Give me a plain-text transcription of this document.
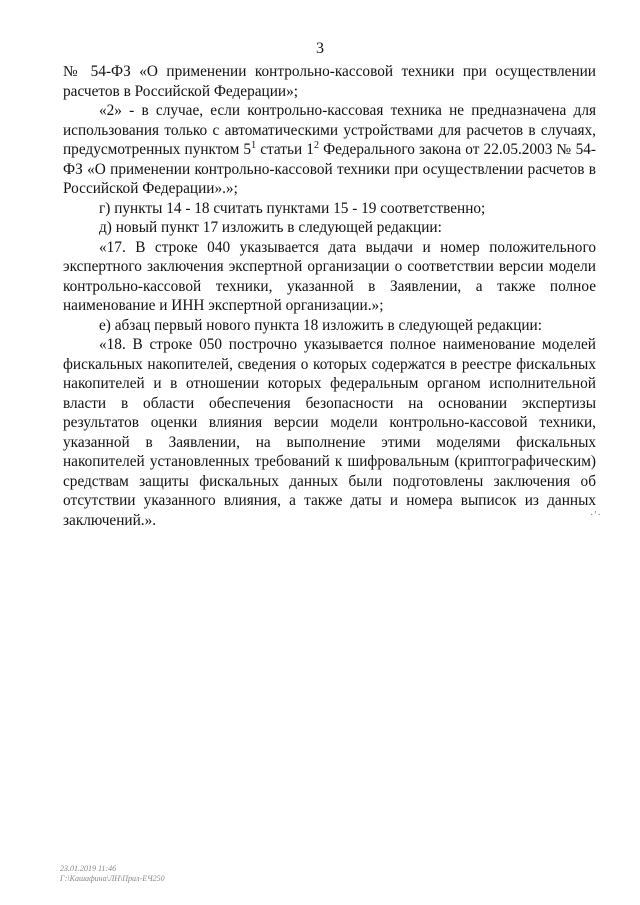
3

№ 54-ФЗ «О применении контрольно-кассовой техники при осуществлении расчетов в Российской Федерации»;

«2» - в случае, если контрольно-кассовая техника не предназначена для использования только с автоматическими устройствами для расчетов в случаях, предусмотренных пунктом $5^1$ статьи $1^2$ Федерального закона от 22.05.2003 № 54-ФЗ «О применении контрольно-кассовой техники при осуществлении расчетов в Российской Федерации».»;

г) пункты 14 - 18 считать пунктами 15 - 19 соответственно;

д) новый пункт 17 изложить в следующей редакции:

«17. В строке 040 указывается дата выдачи и номер положительного экспертного заключения экспертной организации о соответствии версии модели контрольно-кассовой техники, указанной в Заявлении, а также полное наименование и ИНН экспертной организации.»;

е) абзац первый нового пункта 18 изложить в следующей редакции:

«18. В строке 050 построчно указывается полное наименование моделей фискальных накопителей, сведения о которых содержатся в реестре фискальных накопителей и в отношении которых федеральным органом исполнительной власти в области обеспечения безопасности на основании экспертизы результатов оценки влияния версии модели контрольно-кассовой техники, указанной в Заявлении, на выполнение этими моделями фискальных накопителей установленных требований к шифровальным (криптографическим) средствам защиты фискальных данных были подготовлены заключения об отсутствии указанного влияния, а также даты и номера выписок из данных заключений.».	·ʹ·
23.01.2019 11:46
Г:\Кашафина\ЛН\Прил-ЕЧ250
